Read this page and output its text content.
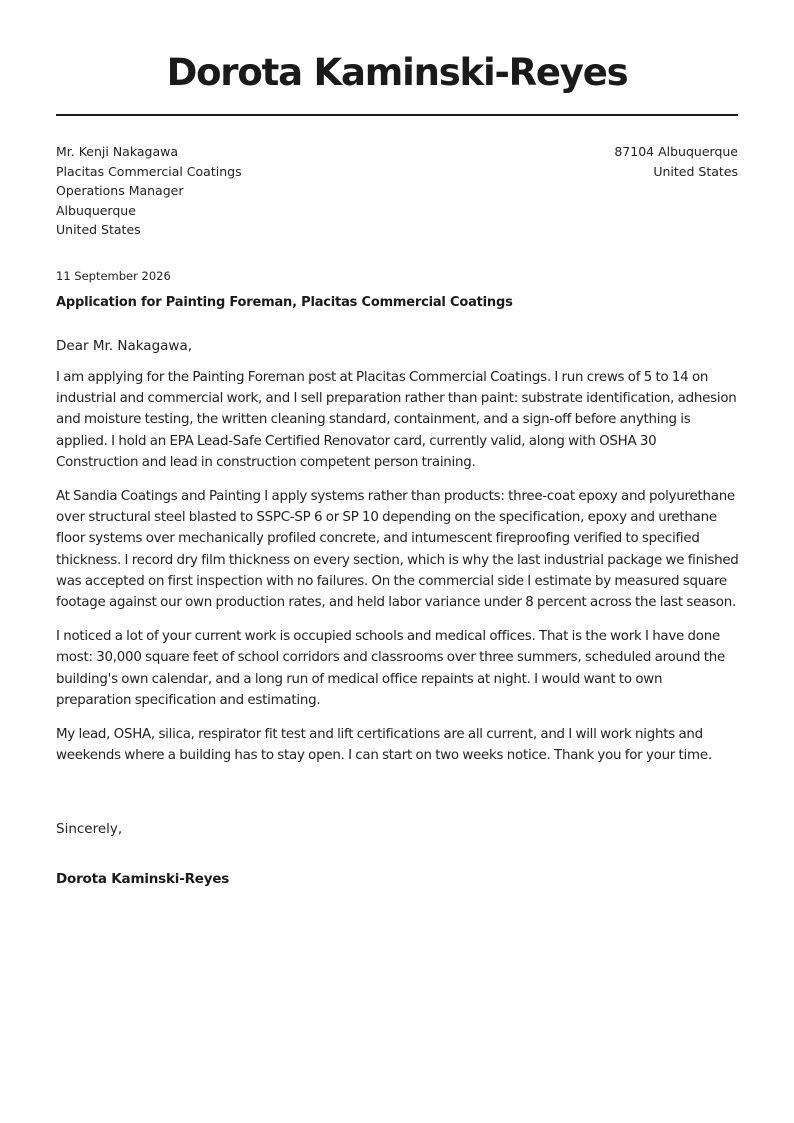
Dorota Kaminski-Reyes
Mr. Kenji Nakagawa
Placitas Commercial Coatings
Operations Manager
Albuquerque
United States
87104 Albuquerque
United States
11 September 2026
Application for Painting Foreman, Placitas Commercial Coatings
Dear Mr. Nakagawa,

I am applying for the Painting Foreman post at Placitas Commercial Coatings. I run crews of 5 to 14 on industrial and commercial work, and I sell preparation rather than paint: substrate identification, adhesion and moisture testing, the written cleaning standard, containment, and a sign-off before anything is applied. I hold an EPA Lead-Safe Certified Renovator card, currently valid, along with OSHA 30 Construction and lead in construction competent person training.

At Sandia Coatings and Painting I apply systems rather than products: three-coat epoxy and polyurethane over structural steel blasted to SSPC-SP 6 or SP 10 depending on the specification, epoxy and urethane floor systems over mechanically profiled concrete, and intumescent fireproofing verified to specified thickness. I record dry film thickness on every section, which is why the last industrial package we finished was accepted on first inspection with no failures. On the commercial side I estimate by measured square footage against our own production rates, and held labor variance under 8 percent across the last season.

I noticed a lot of your current work is occupied schools and medical offices. That is the work I have done most: 30,000 square feet of school corridors and classrooms over three summers, scheduled around the building's own calendar, and a long run of medical office repaints at night. I would want to own preparation specification and estimating.

My lead, OSHA, silica, respirator fit test and lift certifications are all current, and I will work nights and weekends where a building has to stay open. I can start on two weeks notice. Thank you for your time.

Sincerely,
Dorota Kaminski-Reyes
